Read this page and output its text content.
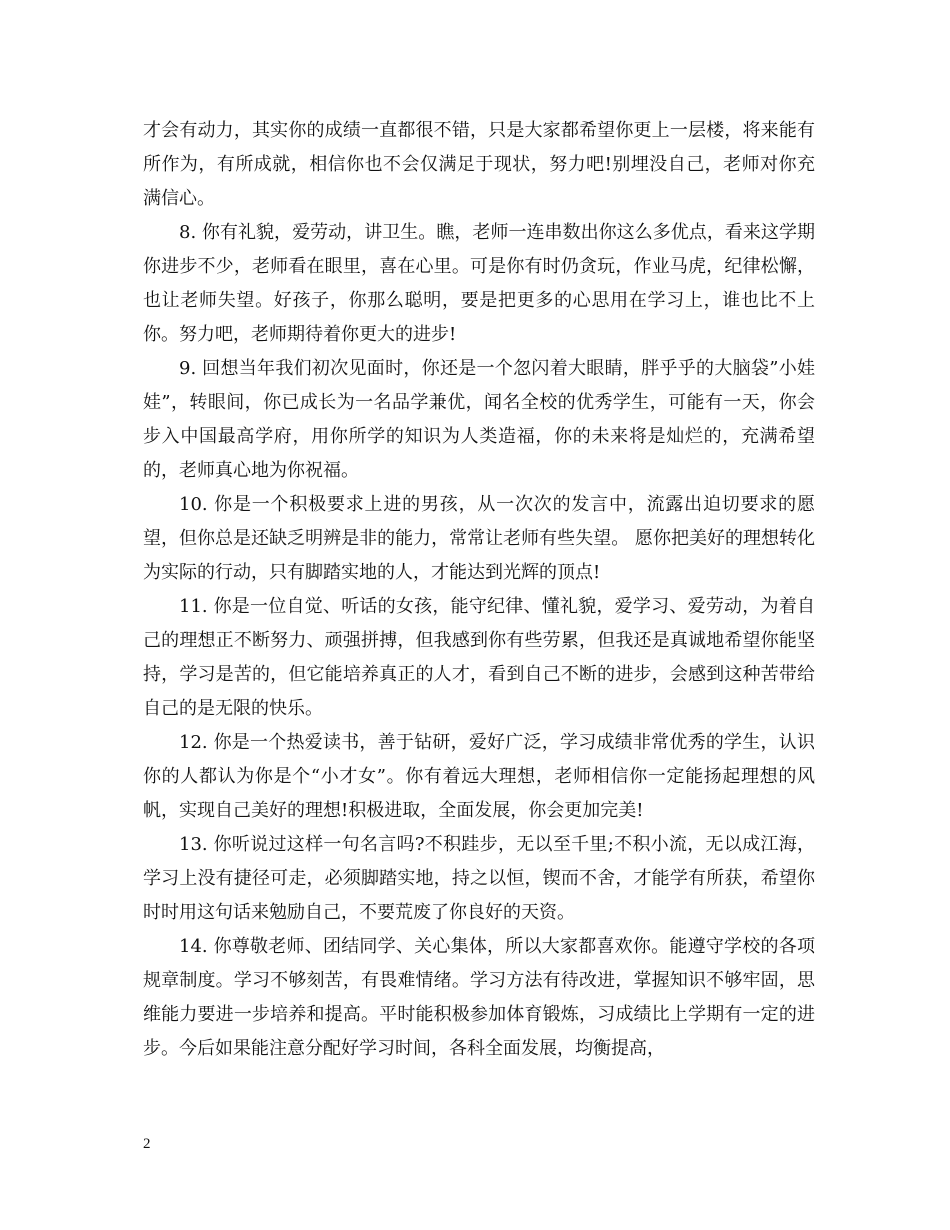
才会有动力，其实你的成绩一直都很不错，只是大家都希望你更上一层楼，将来能有所作为，有所成就，相信你也不会仅满足于现状，努力吧!别埋没自己，老师对你充满信心。

8. 你有礼貌，爱劳动，讲卫生。瞧，老师一连串数出你这么多优点，看来这学期你进步不少，老师看在眼里，喜在心里。可是你有时仍贪玩，作业马虎，纪律松懈，也让老师失望。好孩子，你那么聪明，要是把更多的心思用在学习上，谁也比不上你。努力吧，老师期待着你更大的进步!

9. 回想当年我们初次见面时，你还是一个忽闪着大眼睛，胖乎乎的大脑袋”小娃娃”，转眼间，你已成长为一名品学兼优，闻名全校的优秀学生，可能有一天，你会步入中国最高学府，用你所学的知识为人类造福，你的未来将是灿烂的，充满希望的，老师真心地为你祝福。

10. 你是一个积极要求上进的男孩，从一次次的发言中，流露出迫切要求的愿望，但你总是还缺乏明辨是非的能力，常常让老师有些失望。 愿你把美好的理想转化为实际的行动，只有脚踏实地的人，才能达到光辉的顶点!

11. 你是一位自觉、听话的女孩，能守纪律、懂礼貌，爱学习、爱劳动，为着自己的理想正不断努力、顽强拼搏，但我感到你有些劳累，但我还是真诚地希望你能坚持，学习是苦的，但它能培养真正的人才，看到自己不断的进步，会感到这种苦带给自己的是无限的快乐。

12. 你是一个热爱读书，善于钻研，爱好广泛，学习成绩非常优秀的学生，认识你的人都认为你是个“小才女”。你有着远大理想，老师相信你一定能扬起理想的风帆，实现自己美好的理想!积极进取，全面发展，你会更加完美!

13. 你听说过这样一句名言吗?不积跬步，无以至千里;不积小流，无以成江海，学习上没有捷径可走，必须脚踏实地，持之以恒，锲而不舍，才能学有所获，希望你时时用这句话来勉励自己，不要荒废了你良好的天资。

14. 你尊敬老师、团结同学、关心集体，所以大家都喜欢你。能遵守学校的各项规章制度。学习不够刻苦，有畏难情绪。学习方法有待改进，掌握知识不够牢固，思维能力要进一步培养和提高。平时能积极参加体育锻炼，习成绩比上学期有一定的进步。今后如果能注意分配好学习时间，各科全面发展，均衡提高，

2
